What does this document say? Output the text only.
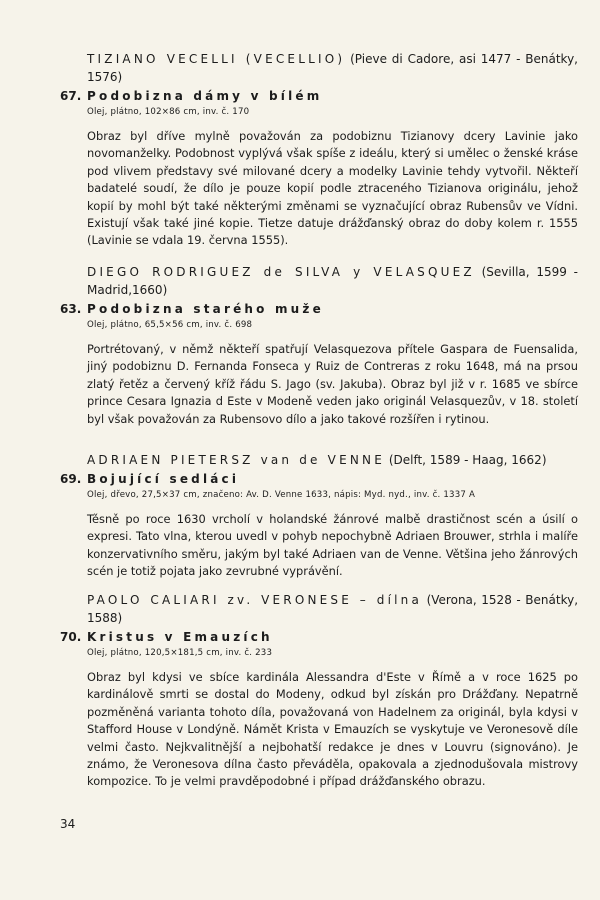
TIZIANO VECELLI (VECELLIO) (Pieve di Cadore, asi 1477 - Benátky, 1576)

67. Podobizna dámy v bílém
Olej, plátno, 102×86 cm, inv. č. 170

Obraz byl dříve mylně považován za podobiznu Tizianovy dcery Lavinie jako novomanželky. Podobnost vyplývá však spíše z ideálu, který si umělec o ženské kráse pod vlivem představy své milované dcery a modelky Lavinie tehdy vytvořil. Někteří badatelé soudí, že dílo je pouze kopií podle ztraceného Tizianova originálu, jehož kopií by mohl být také některými změnami se vyznačující obraz Rubensův ve Vídni. Existují však také jiné kopie. Tietze datuje drážďanský obraz do doby kolem r. 1555 (Lavinie se vdala 19. června 1555).

DIEGO RODRIGUEZ de SILVA y VELASQUEZ (Sevilla, 1599 - Madrid,1660)

63. Podobizna starého muže
Olej, plátno, 65,5×56 cm, inv. č. 698

Portrétovaný, v němž někteří spatřují Velasquezova přítele Gaspara de Fuensalida, jiný podobiznu D. Fernanda Fonseca y Ruiz de Contreras z roku 1648, má na prsou zlatý řetěz a červený kříž řádu S. Jago (sv. Jakuba). Obraz byl již v r. 1685 ve sbírce prince Cesara Ignazia d Este v Modeně veden jako originál Velasquezův, v 18. století byl však považován za Rubensovo dílo a jako takové rozšířen i rytinou.

ADRIAEN PIETERSZ van de VENNE (Delft, 1589 - Haag, 1662)

69. Bojující sedláci
Olej, dřevo, 27,5×37 cm, značeno: Av. D. Venne 1633, nápis: Myd. nyd., inv. č. 1337 A

Těsně po roce 1630 vrcholí v holandské žánrové malbě drastičnost scén a úsilí o expresi. Tato vlna, kterou uvedl v pohyb nepochybně Adriaen Brouwer, strhla i malíře konzervativního směru, jakým byl také Adriaen van de Venne. Většina jeho žánrových scén je totiž pojata jako zevrubné vyprávění.

PAOLO CALIARI zv. VERONESE – dílna (Verona, 1528 - Benátky, 1588)

70. Kristus v Emauzích
Olej, plátno, 120,5×181,5 cm, inv. č. 233

Obraz byl kdysi ve sbíce kardinála Alessandra d'Este v Římě a v roce 1625 po kardinálově smrti se dostal do Modeny, odkud byl získán pro Drážďany. Nepatrně pozměněná varianta tohoto díla, považovaná von Hadelnem za originál, byla kdysi v Stafford House v Londýně. Námět Krista v Emauzích se vyskytuje ve Veronesově díle velmi často. Nejkvalitnější a nejbohatší redakce je dnes v Louvru (signováno). Je známo, že Veronesova dílna často převáděla, opakovala a zjednodušovala mistrovy kompozice. To je velmi pravděpodobné i případ drážďanského obrazu.

34
